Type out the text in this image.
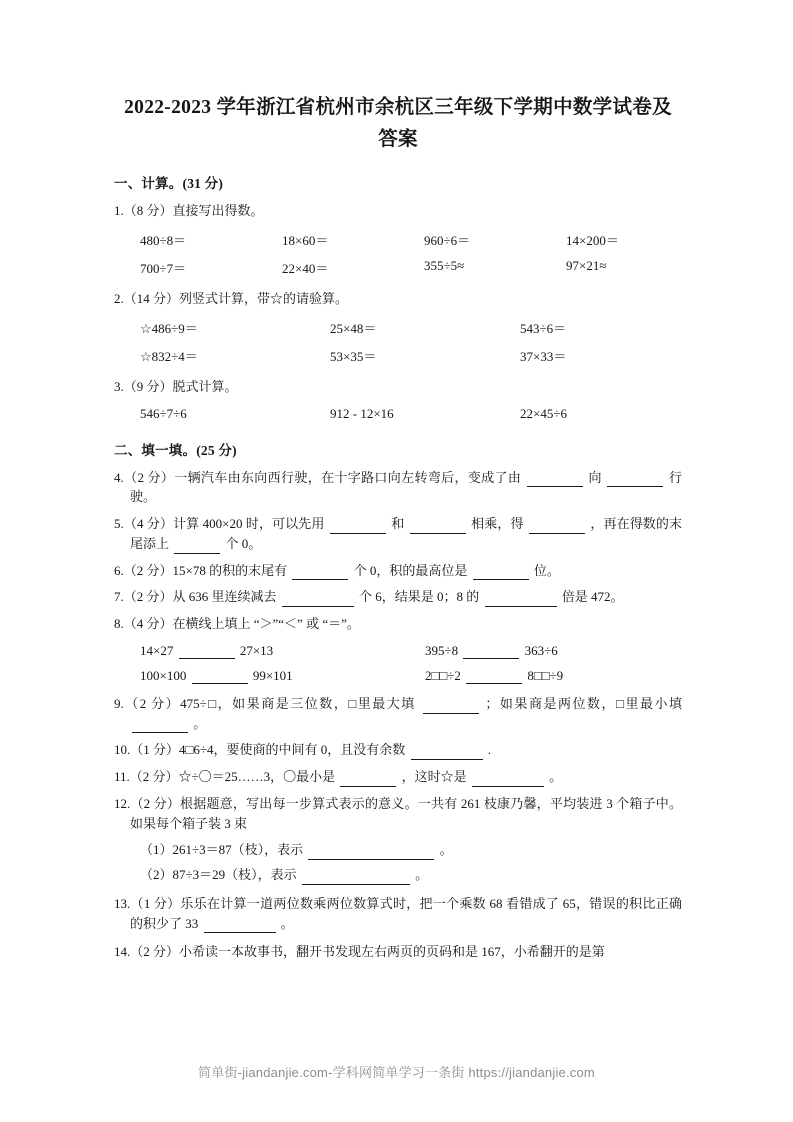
2022-2023 学年浙江省杭州市余杭区三年级下学期中数学试卷及答案
一、计算。(31 分)
1.（8 分）直接写出得数。
480÷8＝	18×60＝	960÷6＝	14×200＝
700÷7＝	22×40＝	355÷5≈	97×21≈
2.（14 分）列竖式计算，带☆的请验算。
☆486÷9＝	25×48＝	543÷6＝
☆832÷4＝	53×35＝	37×33＝
3.（9 分）脱式计算。
546÷7÷6	912 - 12×16	22×45÷6
二、填一填。(25 分)
4.（2 分）一辆汽车由东向西行驶，在十字路口向左转弯后，变成了由	向	行驶。
5.（4 分）计算 400×20 时，可以先用	和	相乘，得	，再在得数的末尾添上	个 0。
6.（2 分）15×78 的积的末尾有	个 0，积的最高位是	位。
7.（2 分）从 636 里连续减去	个 6，结果是 0；8 的	倍是 472。
8.（4 分）在横线上填上 “＞”“＜” 或 “＝”。
14×27	27×13	395÷8	363÷6
100×100	99×101	2□□÷2	8□□÷9
9.（2 分）475÷□，如果商是三位数，□里最大填	；如果商是两位数，□里最小填  。
10.（1 分）4□6÷4，要使商的中间有 0，且没有余数	.
11.（2 分）☆÷〇＝25……3，〇最小是	，这时☆是	。
12.（2 分）根据题意，写出每一步算式表示的意义。一共有 261 枝康乃馨，平均装进 3 个箱子中。如果每个箱子装 3 束
（1）261÷3＝87（枝），表示	。
（2）87÷3＝29（枝），表示	。
13.（1 分）乐乐在计算一道两位数乘两位数算式时，把一个乘数 68 看错成了 65，错误的积比正确的积少了 33	。
14.（2 分）小希读一本故事书，翻开书发现左右两页的页码和是 167，小希翻开的是第
简单街-jiandanjie.com-学科网简单学习一条街 https://jiandanjie.com
